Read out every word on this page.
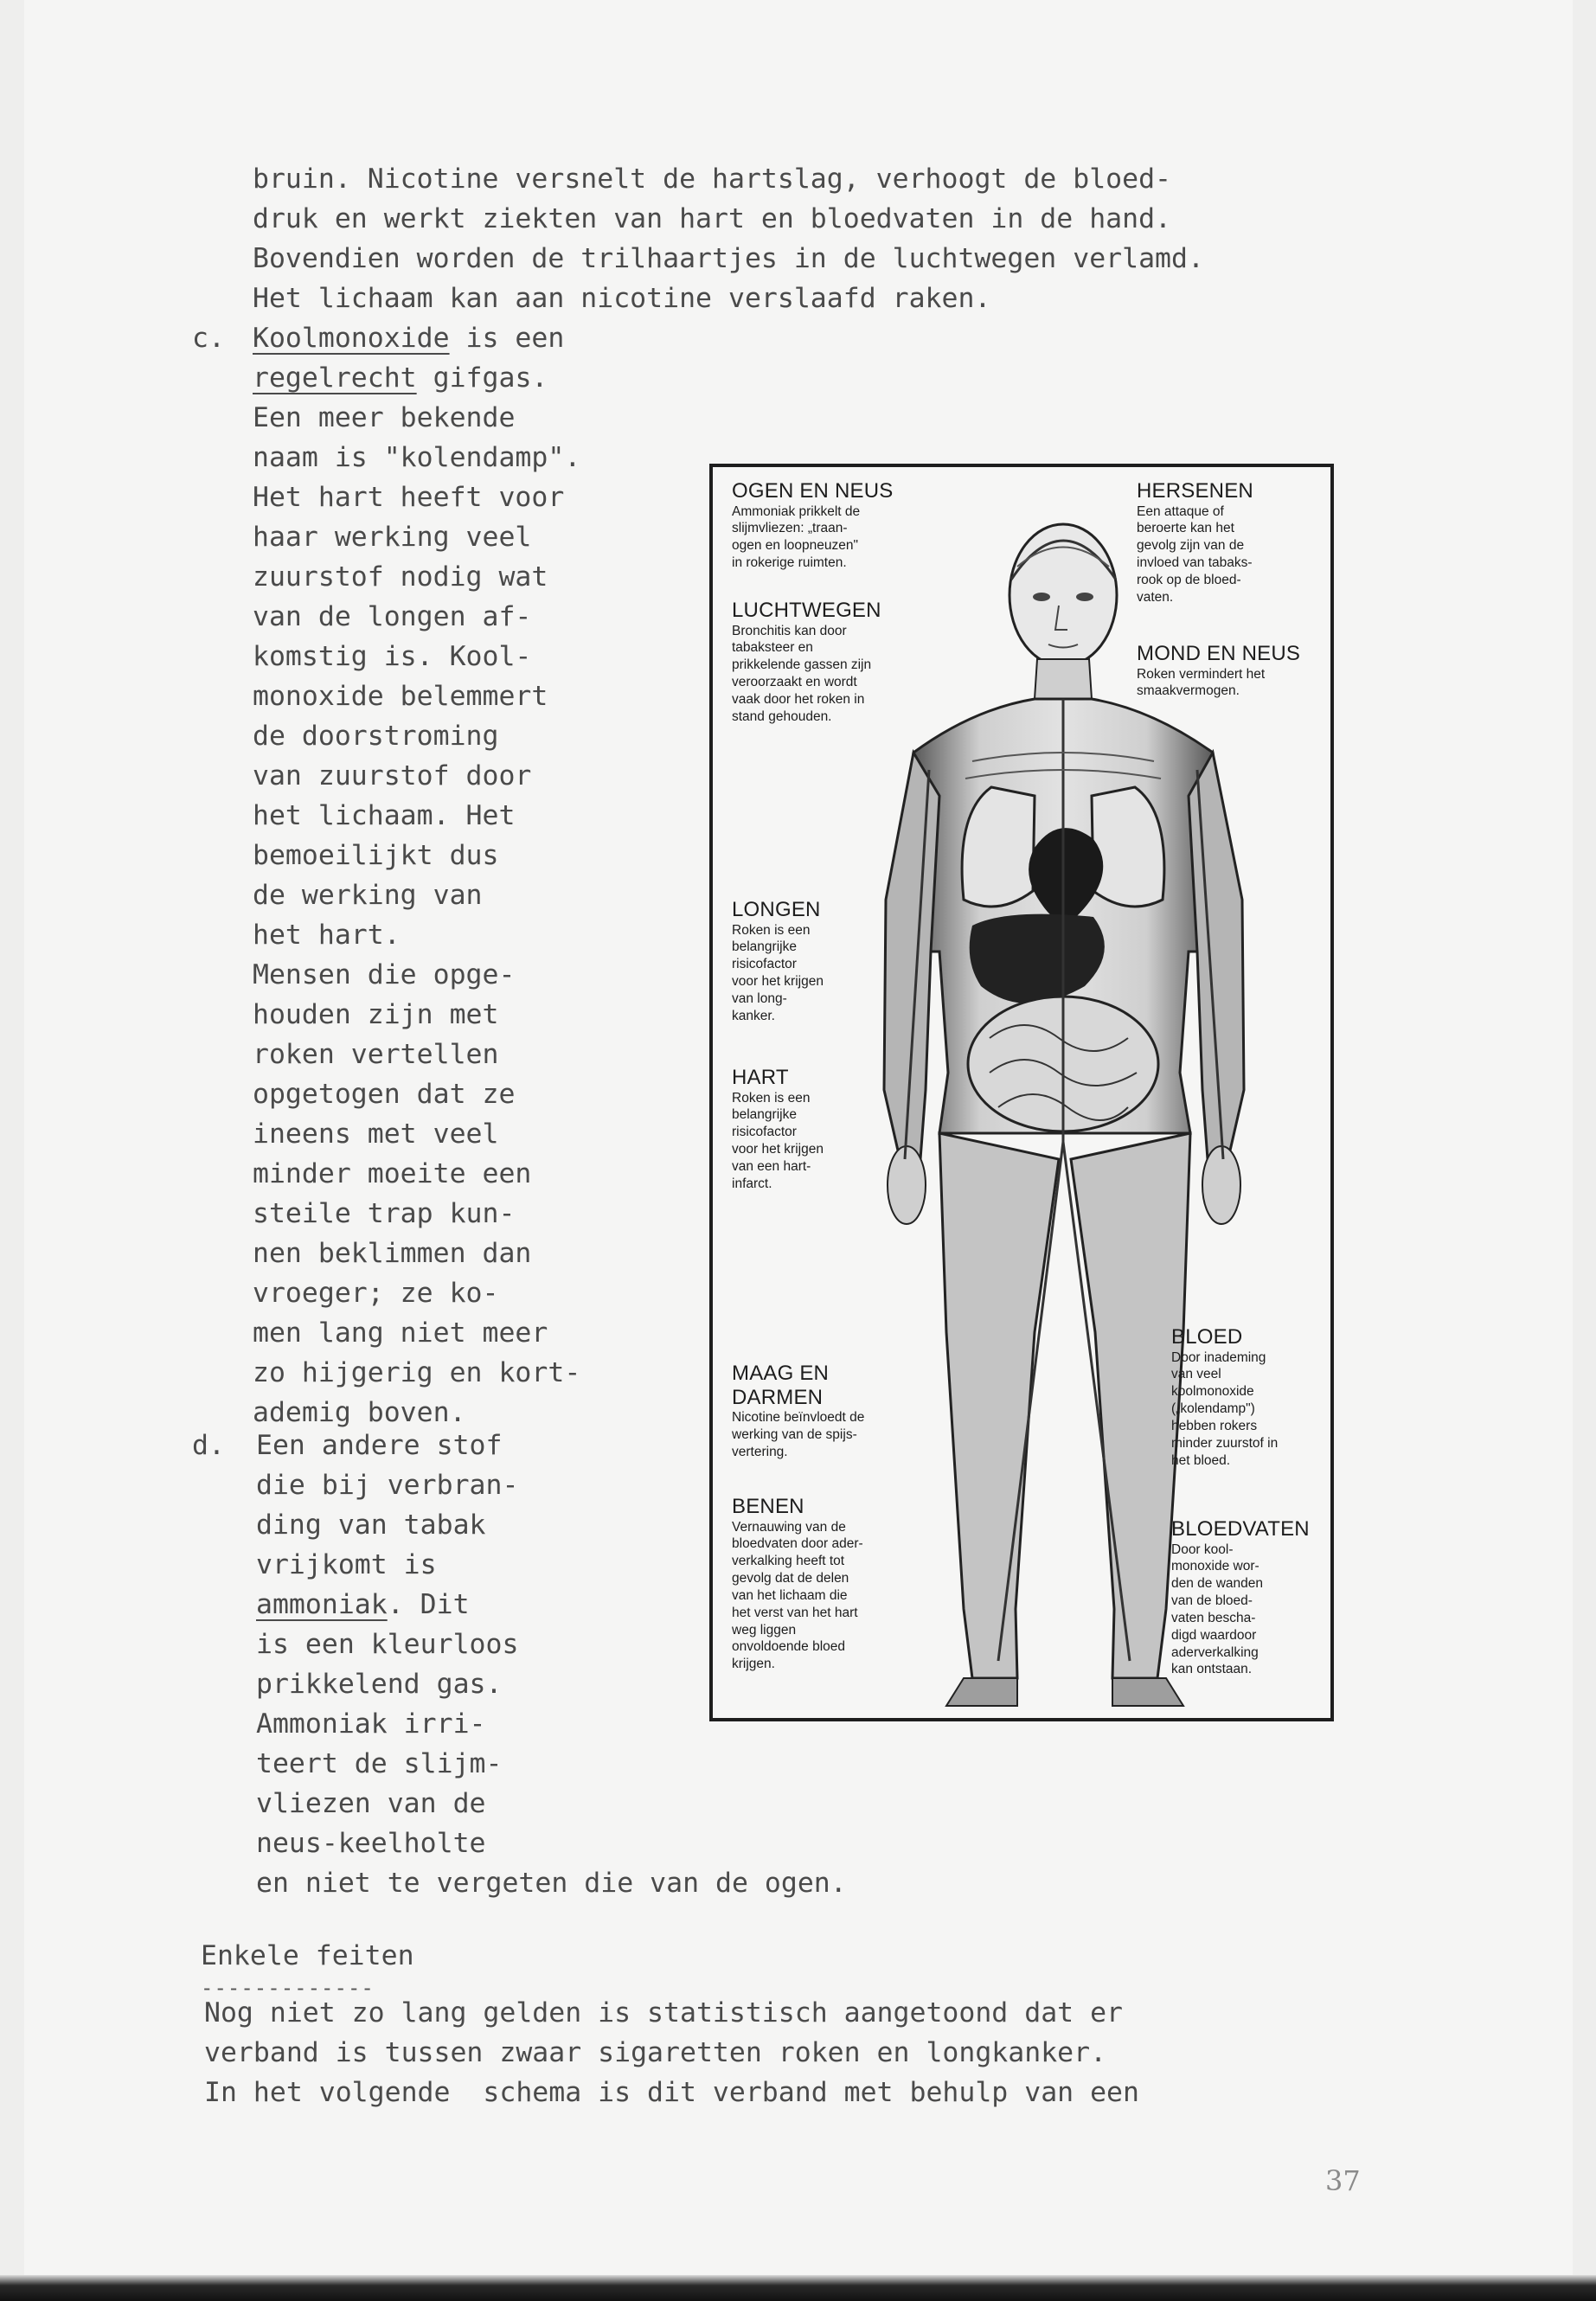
bruin. Nicotine versnelt de hartslag, verhoogt de bloed-
druk en werkt ziekten van hart en bloedvaten in de hand.
Bovendien worden de trilhaartjes in de luchtwegen verlamd.
Het lichaam kan aan nicotine verslaafd raken.
c. Koolmonoxide is een
regelrecht gifgas.
Een meer bekende
naam is "kolendamp".
Het hart heeft voor
haar werking veel
zuurstof nodig wat
van de longen af-
komstig is. Kool-
monoxide belemmert
de doorstroming
van zuurstof door
het lichaam. Het
bemoeilijkt dus
de werking van
het hart.
Mensen die opge-
houden zijn met
roken vertellen
opgetogen dat ze
ineens met veel
minder moeite een
steile trap kun-
nen beklimmen dan
vroeger; ze ko-
men lang niet meer
zo hijgerig en kort-
ademig boven.
d. Een andere stof
die bij verbran-
ding van tabak
vrijkomt is
ammoniak. Dit
is een kleurloos
prikkelend gas.
Ammoniak irri-
teert de slijm-
vliezen van de
neus-keelholte
en niet te vergeten die van de ogen.
Enkele feiten
-------------
Nog niet zo lang gelden is statistisch aangetoond dat er
verband is tussen zwaar sigaretten roken en longkanker.
In het volgende  schema is dit verband met behulp van een
37
OGEN EN NEUS
Ammoniak prikkelt de
slijmvliezen: „traan-
ogen en loopneuzen"
in rokerige ruimten.
LUCHTWEGEN
Bronchitis kan door
tabaksteer en
prikkelende gassen zijn
veroorzaakt en wordt
vaak door het roken in
stand gehouden.
HERSENEN
Een attaque of
beroerte kan het
gevolg zijn van de
invloed van tabaks-
rook op de bloed-
vaten.
MOND EN NEUS
Roken vermindert het
smaakvermogen.
LONGEN
Roken is een
belangrijke
risicofactor
voor het krijgen
van long-
kanker.
HART
Roken is een
belangrijke
risicofactor
voor het krijgen
van een hart-
infarct.
BLOED
Door inademing
van veel
koolmonoxide
(„kolendamp")
hebben rokers
minder zuurstof in
het bloed.
MAAG EN
DARMEN
Nicotine beïnvloedt de
werking van de spijs-
vertering.
BENEN
Vernauwing van de
bloedvaten door ader-
verkalking heeft tot
gevolg dat de delen
van het lichaam die
het verst van het hart
weg liggen
onvoldoende bloed
krijgen.
BLOEDVATEN
Door kool-
monoxide wor-
den de wanden
van de bloed-
vaten bescha-
digd waardoor
aderverkalking
kan ontstaan.
